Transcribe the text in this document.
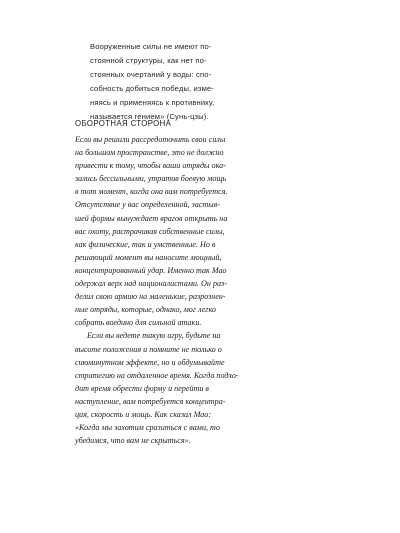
Вооруженные силы не имеют по-
стоянной структуры, как нет по-
стоянных очертаний у воды: спо-
собность добиться победы, изме-
няясь и применяясь к противнику,
называется гением» (Сунь-цзы).
ОБОРОТНАЯ СТОРОНА
Если вы решили рассредоточить свои силы
на большом пространстве, это не должно
привести к тому, чтобы ваши отряды ока-
зались бессильными, утратив боевую мощь
в тот момент, когда она вам потребуется.
Отсутствие у вас определенной, застыв-
шей формы вынуждает врагов открыть на
вас охоту, растрачивая собственные силы,
как физические, так и умственные. Но в
решающий момент вы наносите мощный,
концентрированный удар. Именно так Мао
одержал верх над националистами. Он раз-
делил свою армию на маленькие, разрознен-
ные отряды, которые, однако, мог легко
собрать воедино для сильной атаки.
Если вы ведете такую игру, будьте на
высоте положения и помните не только о
сиюминутном эффекте, но и обдумывайте
стратегию на отдаленное время. Когда подхо-
дит время обрести форму и перейти в
наступление, вам потребуется концентра-
ция, скорость и мощь. Как сказал Мао:
«Когда мы захотим сразиться с вами, то
убедимся, что вам не скрыться».
